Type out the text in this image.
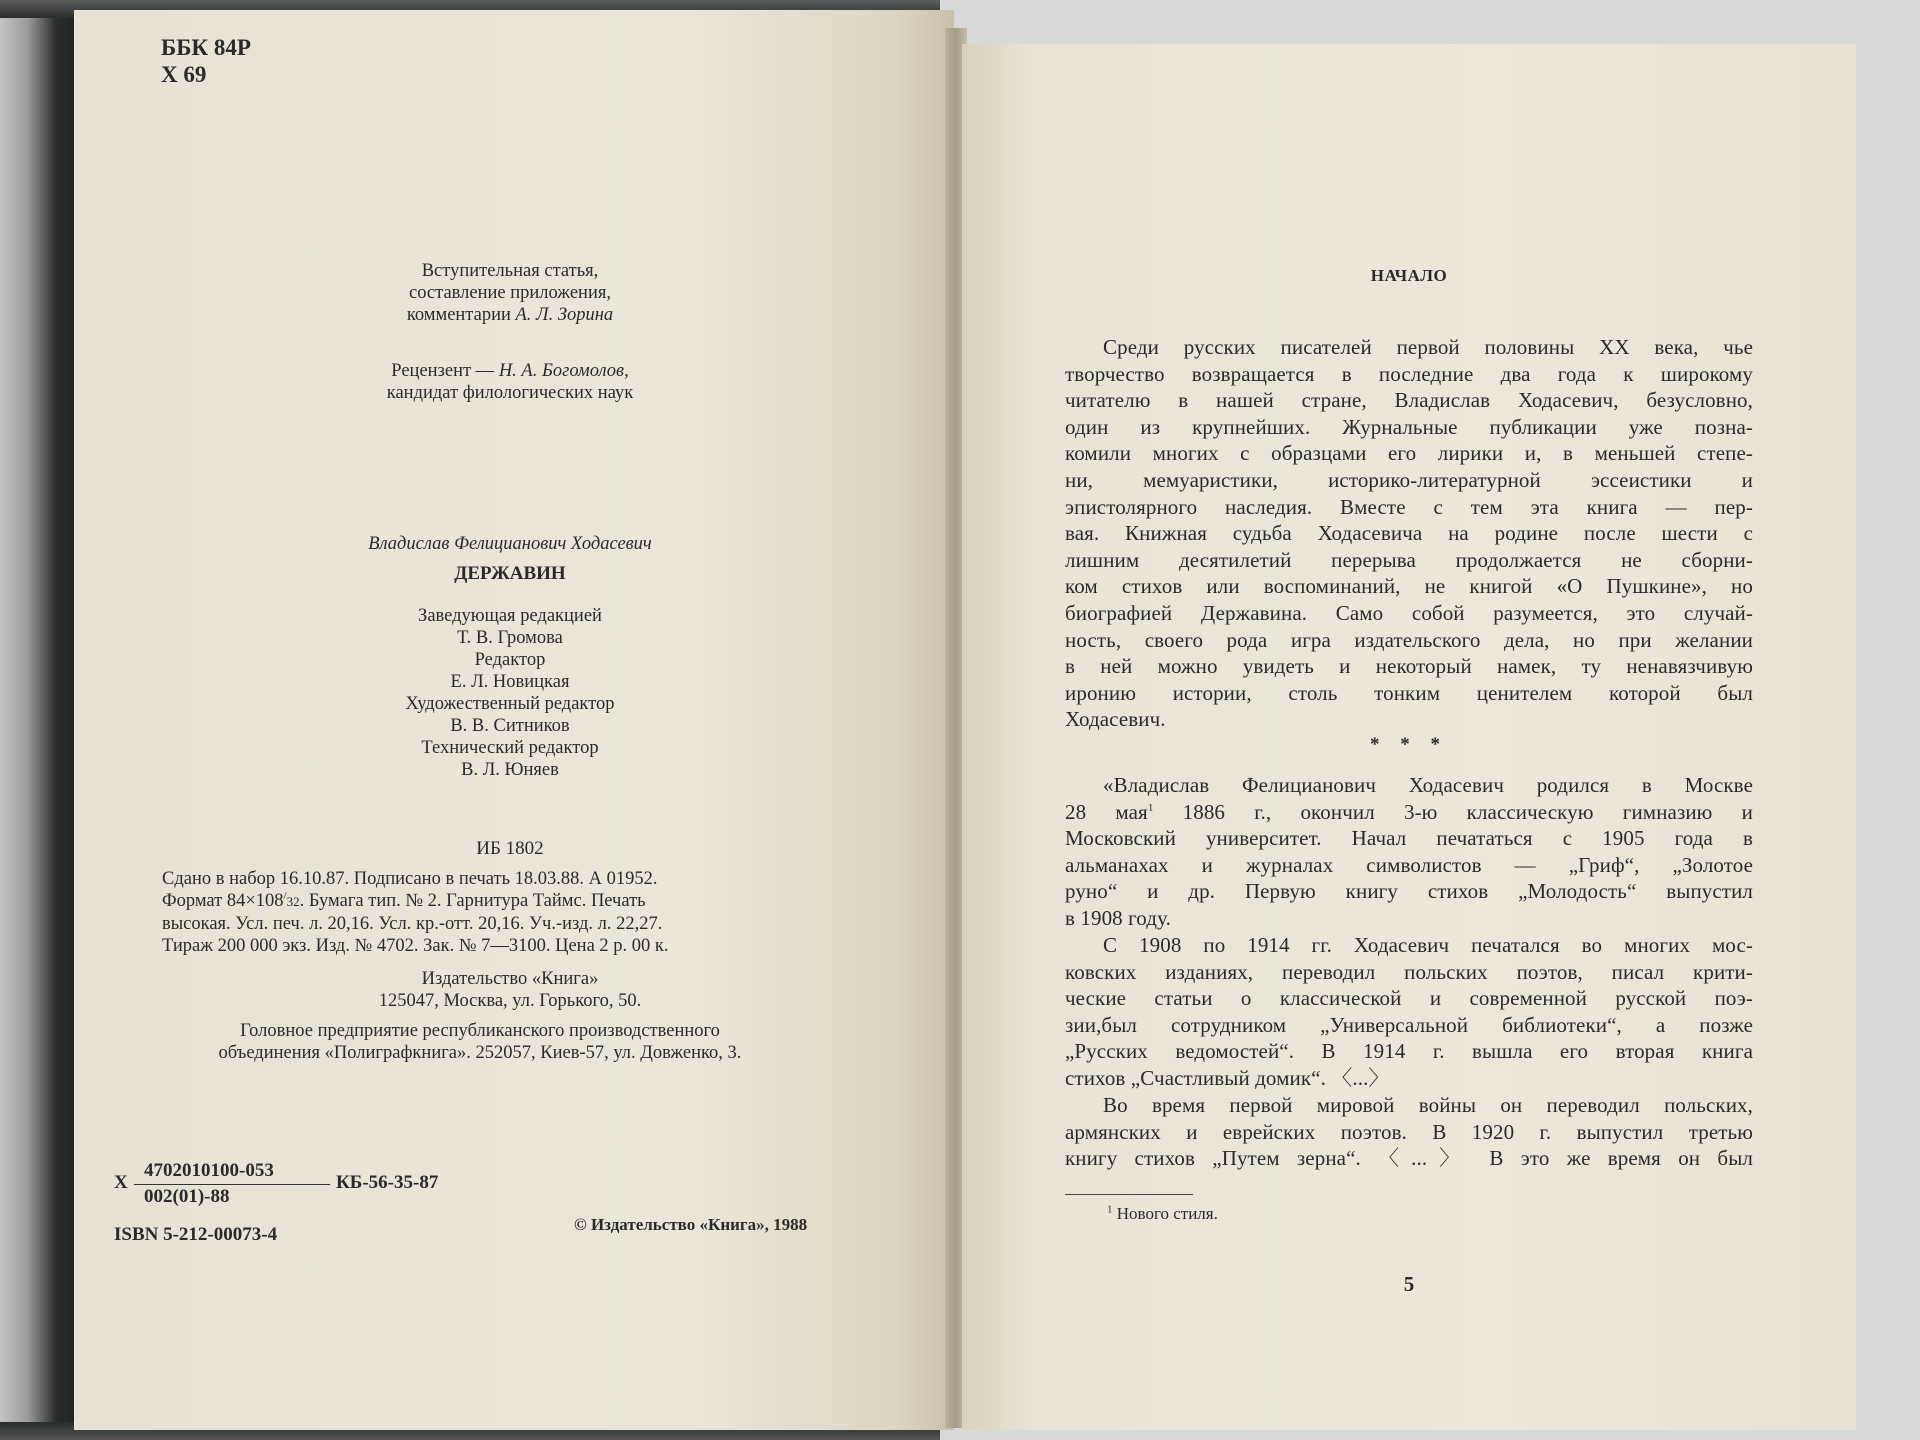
ББК 84Р
Х 69
Вступительная статья,
составление приложения,
комментарии А. Л. Зорина
Рецензент — Н. А. Богомолов,
кандидат филологических наук
Владислав Фелицианович Ходасевич
ДЕРЖАВИН
Заведующая редакцией
Т. В. Громова
Редактор
Е. Л. Новицкая
Художественный редактор
В. В. Ситников
Технический редактор
В. Л. Юняев
ИБ 1802

Сдано в набор 16.10.87. Подписано в печать 18.03.88. А 01952.

Формат 84×108/32. Бумага тип. № 2. Гарнитура Таймс. Печать

высокая. Усл. печ. л. 20,16. Усл. кр.-отт. 20,16. Уч.-изд. л. 22,27.

Тираж 200 000 экз. Изд. № 4702. Зак. № 7—3100. Цена 2 р. 00 к.

Издательство «Книга»
125047, Москва, ул. Горького, 50.
Головное предприятие республиканского производственного
объединения «Полиграфкнига». 252057, Киев-57, ул. Довженко, 3.
Х
4702010100-053
002(01)-88
КБ-56-35-87
ISBN 5-212-00073-4	© Издательство «Книга», 1988
НАЧАЛО

Среди русских писателей первой половины XX века, чье

творчество возвращается в последние два года к широкому

читателю в нашей стране, Владислав Ходасевич, безусловно,

один из крупнейших. Журнальные публикации уже позна-

комили многих с образцами его лирики и, в меньшей степе-

ни, мемуаристики, историко-литературной эссеистики и

эпистолярного наследия. Вместе с тем эта книга — пер-

вая. Книжная судьба Ходасевича на родине после шести с

лишним десятилетий перерыва продолжается не сборни-

ком стихов или воспоминаний, не книгой «О Пушкине», но

биографией Державина. Само собой разумеется, это случай-

ность, своего рода игра издательского дела, но при желании

в ней можно увидеть и некоторый намек, ту ненавязчивую

иронию истории, столь тонким ценителем которой был

Ходасевич.

* * *

«Владислав Фелицианович Ходасевич родился в Москве

28 мая$^1$ 1886 г., окончил 3-ю классическую гимназию и

Московский университет. Начал печататься с 1905 года в

альманахах и журналах символистов — „Гриф“, „Золотое

руно“ и др. Первую книгу стихов „Молодость“ выпустил

в 1908 году.

С 1908 по 1914 гг. Ходасевич печатался во многих мос-

ковских изданиях, переводил польских поэтов, писал крити-

ческие статьи о классической и современной русской поэ-

зии,был сотрудником „Универсальной библиотеки“, а позже

„Русских ведомостей“. В 1914 г. вышла его вторая книга

стихов „Счастливый домик“. 〈...〉

Во время первой мировой войны он переводил польских,

армянских и еврейских поэтов. В 1920 г. выпустил третью

книгу стихов „Путем зерна“. 〈...〉 В это же время он был

$^1$ Нового стиля.
5
